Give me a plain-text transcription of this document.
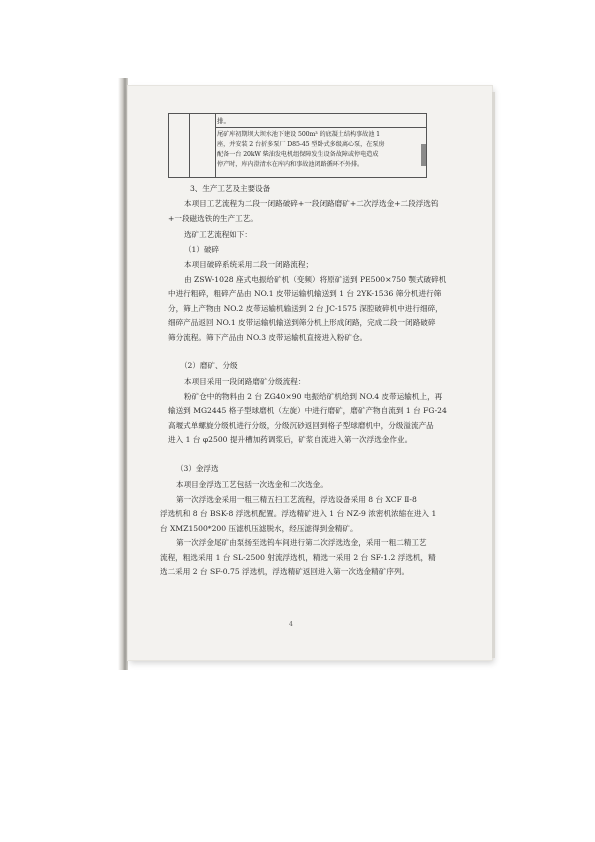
排。
尾矿库初期坝大坝水池下建设 500m³ 的底凝土结构事故池 1
座，并安装 2 台折多泵厂 D85-45 型卧式多级离心泵，在泵房
配备一台 20kW 柴油发电机组保障发生设备故障或停电造成
停产时，库内澄清水在库内和事故池闭路循环不外排。
3、生产工艺及主要设备
本项目工艺流程为二段一闭路破碎+一段闭路磨矿+二次浮选金+二段浮选钨
+一段磁选铁的生产工艺。
选矿工艺流程如下：
（1）破碎
本项目破碎系统采用二段一闭路流程；
由 ZSW-1028 座式电振给矿机（变频）将原矿送到 PE500×750 颚式破碎机
中进行粗碎，粗碎产品由 NO.1 皮带运输机输送到 1 台 2YK-1536 筛分机进行筛
分，筛上产物由 NO.2 皮带运输机输送到 2 台 JC-1575 深腔破碎机中进行细碎，
细碎产品返回 NO.1 皮带运输机输送到筛分机上形成闭路，完成二段一闭路破碎
筛分流程。筛下产品由 NO.3 皮带运输机直接进入粉矿仓。
（2）磨矿、分级
本项目采用一段闭路磨矿分级流程：
粉矿仓中的物料由 2 台 ZG40×90 电振给矿机给到 NO.4 皮带运输机上，再
输送到 MG2445 格子型球磨机（左旋）中进行磨矿，磨矿产物自流到 1 台 FG-24
高堰式单螺旋分级机进行分级，分级沉砂返回到格子型球磨机中，分级溢流产品
进入 1 台 φ2500 提升槽加药调浆后，矿浆自流进入第一次浮选金作业。
（3）金浮选
本项目金浮选工艺包括一次选金和二次选金。
第一次浮选金采用一粗三精五扫工艺流程，浮选设备采用 8 台 XCF Ⅱ-8
浮选机和 8 台 BSK-8 浮选机配置。浮选精矿进入 1 台 NZ-9 浓密机浓缩在进入 1
台 XMZ1500*200 压滤机压滤脱水，经压滤得到金精矿。
第一次浮金尾矿由泵扬至选钨车间进行第二次浮选选金，采用一粗二精工艺
流程，粗选采用 1 台 SL-2500 射流浮选机，精选一采用 2 台 SF-1.2 浮选机，精
选二采用 2 台 SF-0.75 浮选机，浮选精矿返回进入第一次选金精矿序列。
4
